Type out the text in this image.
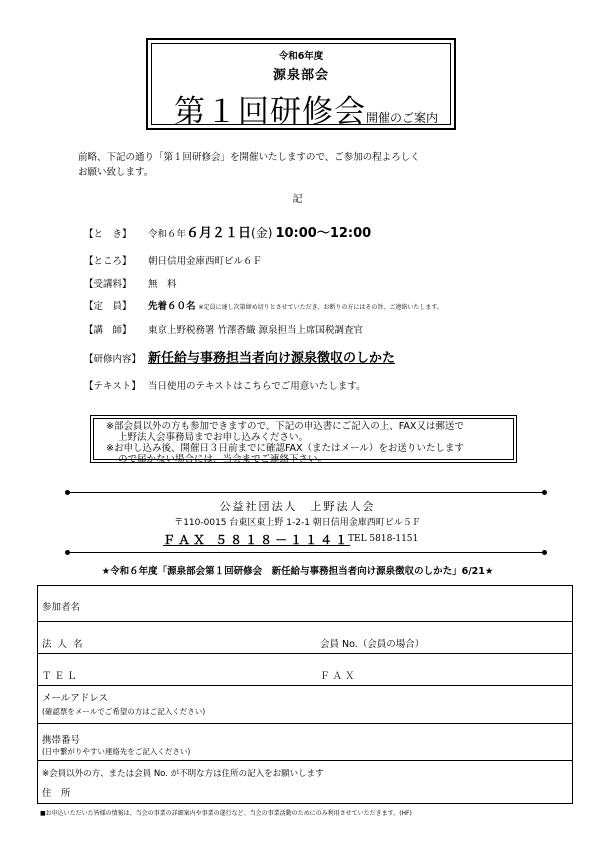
令和6年度
源泉部会
第１回研修会開催のご案内
前略、下記の通り「第１回研修会」を開催いたしますので、ご参加の程よろしく
お願い致します。
記
【と　き】 令和６年６月２１日(金) 10:00〜12:00
【ところ】 朝日信用金庫西町ビル６Ｆ
【受講料】 無　料
【定　員】 先着６０名 ※定員に達し次第締め切りとさせていただき、お断りの方にはその旨、ご連絡いたします。
【講　師】 東京上野税務署 竹澤香織 源泉担当上席国税調査官
【研修内容】 新任給与事務担当者向け源泉徴収のしかた
【テキスト】 当日使用のテキストはこちらでご用意いたします。
※部会員以外の方も参加できますので、下記の申込書にご記入の上、FAX又は郵送で
上野法人会事務局までお申し込みください。
※お申し込み後、開催日３日前までに確認FAX（またはメール）をお送りいたします
ので届かない場合には、当会までご連絡下さい。
公益社団法人　上野法人会
〒110-0015 台東区東上野 1-2-1 朝日信用金庫西町ビル５Ｆ
ＦＡＸ ５８１８－１１４１
TEL 5818-1151
★令和６年度「源泉部会第１回研修会　新任給与事務担当者向け源泉徴収のしかた」6/21★
参加者名
法人名	会員 No.（会員の場合）
ＴＥＬ	ＦＡＸ
メールアドレス
(確認票をメールでご希望の方はご記入ください)
携帯番号
(日中繋がりやすい連絡先をご記入ください)
※会員以外の方、または会員 No. が不明な方は住所の記入をお願いします
住　所
■お申込いただいた皆様の情報は、当会の事業の詳細案内や事業の遂行など、当会の事業活動のためにのみ利用させていただきます。(HF)
